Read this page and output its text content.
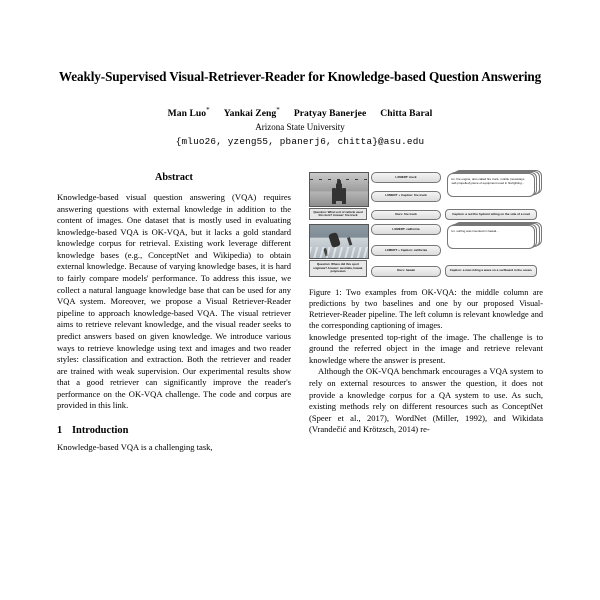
Weakly-Supervised Visual-Retriever-Reader for Knowledge-based Question Answering
Man Luo* Yankai Zeng* Pratyay Banerjee Chitta Baral
Arizona State University
{mluo26, yzeng55, pbanerj6, chitta}@asu.edu
Abstract

Knowledge-based visual question answering (VQA) requires answering questions with external knowledge in addition to the content of images. One dataset that is mostly used in evaluating knowledge-based VQA is OK-VQA, but it lacks a gold standard knowledge corpus for retrieval. Existing work leverage different knowledge bases (e.g., ConceptNet and Wikipedia) to obtain external knowledge. Because of varying knowledge bases, it is hard to fairly compare models' performance. To address this issue, we collect a natural language knowledge base that can be used for any VQA system. Moreover, we propose a Visual Retriever-Reader pipeline to approach knowledge-based VQA. The visual retriever aims to retrieve relevant knowledge, and the visual reader seeks to predict answers based on given knowledge. We introduce various ways to retrieve knowledge using text and images and two reader styles: classification and extraction. Both the retriever and reader are trained with weak supervision. Our experimental results show that a good retriever can significantly improve the reader's performance on the OK-VQA challenge. The code and corpus are provided in this link.

1 Introduction

Knowledge-based VQA is a challenging task,

Question: What sort of vehicle used this item? Answer: fire truck
LXMERT: truck
LXMERT + Caption: fire truck
Ours: fire truck
kn. fire engine, also called fire truck, mobile (nowadays self-propelled) piece of equipment used in firefighting...
Caption: a red fire hydrant sitting on the side of a road
Question: Where did this sport originate? Answer: australia, hawaii, polynesian
LXMERT: california
LXMERT + Caption: california
Ours: hawaii
kn. surfing was invented in hawaii...
Caption: a man riding a wave on a surfboard in the ocean.
Figure 1: Two examples from OK-VQA: the middle column are predictions by two baselines and one by our proposed Visual-Retriever-Reader pipeline. The left column is relevant knowledge and the corresponding captioning of images.

knowledge presented top-right of the image. The challenge is to ground the referred object in the image and retrieve relevant knowledge where the answer is present.

Although the OK-VQA benchmark encourages a VQA system to rely on external resources to answer the question, it does not provide a knowledge corpus for a QA system to use. As such, existing methods rely on different resources such as ConceptNet (Speer et al., 2017), WordNet (Miller, 1992), and Wikidata (Vrandečić and Krötzsch, 2014) re-
